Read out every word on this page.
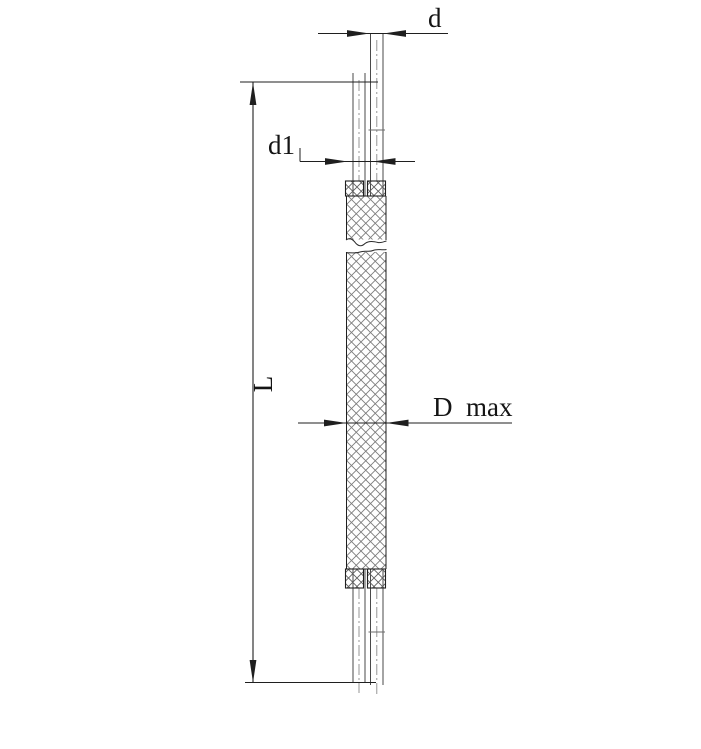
d
d1
L
D  max
